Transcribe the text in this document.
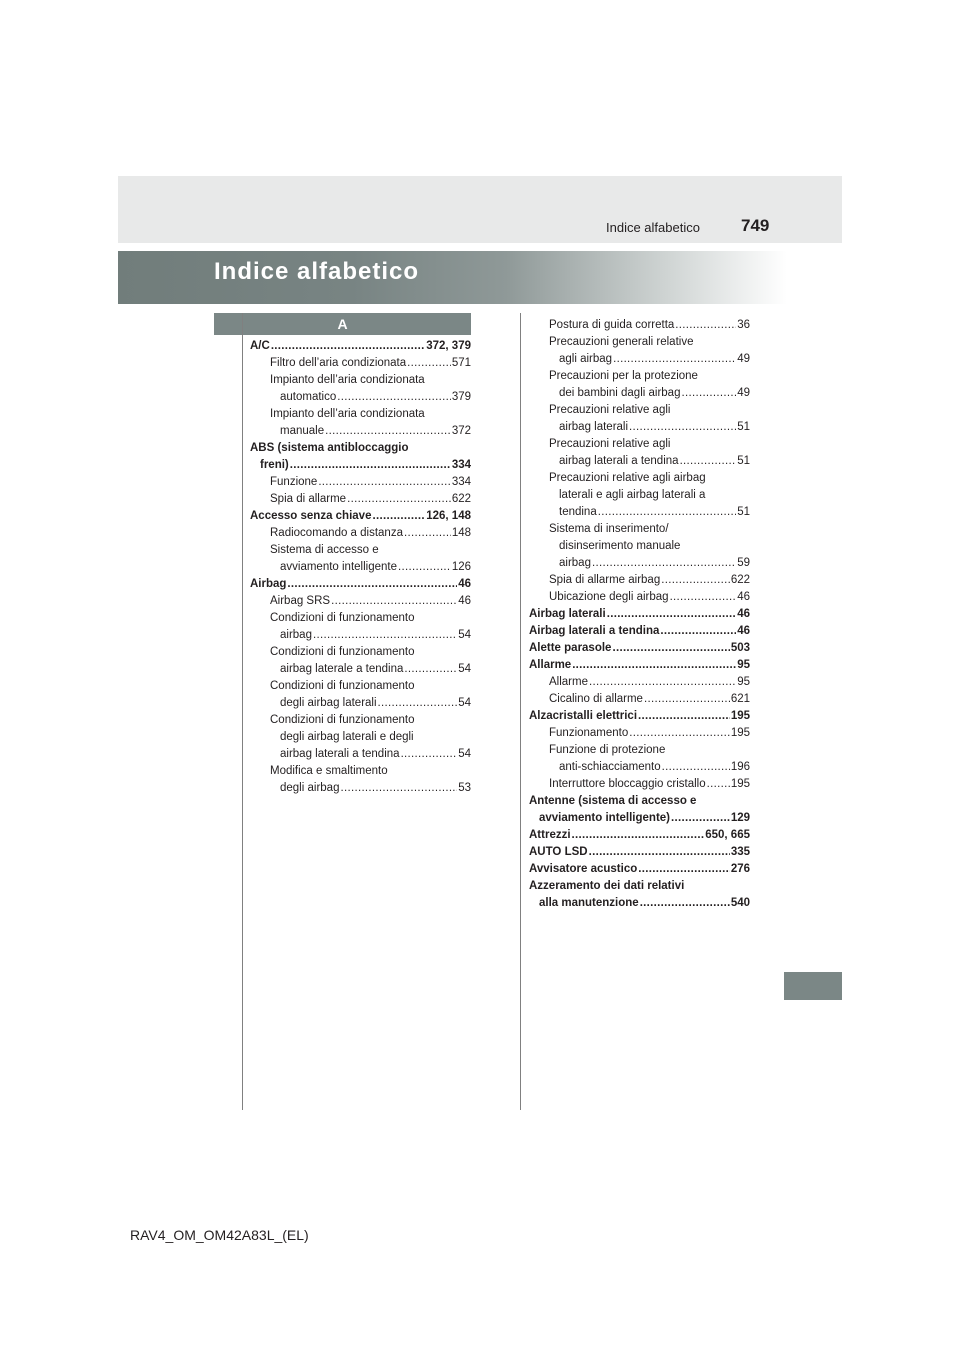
Indice alfabetico 749
Indice alfabetico
A
A/C .....	372, 379
Filtro dell’aria condizionata .....	571
Impianto dell’aria condizionata
automatico .....	379
Impianto dell’aria condizionata
manuale .....	372
ABS (sistema antibloccaggio
freni) .....	334
Funzione .....	334
Spia di allarme .....	622
Accesso senza chiave .....	126, 148
Radiocomando a distanza .....	148
Sistema di accesso e
avviamento intelligente .....	126
Airbag .....	46
Airbag SRS .....	46
Condizioni di funzionamento
airbag .....	54
Condizioni di funzionamento
airbag laterale a tendina .....	54
Condizioni di funzionamento
degli airbag laterali .....	54
Condizioni di funzionamento
degli airbag laterali e degli
airbag laterali a tendina .....	54
Modifica e smaltimento
degli airbag .....	53
Postura di guida corretta .....	36
Precauzioni generali relative
agli airbag .....	49
Precauzioni per la protezione
dei bambini dagli airbag .....	49
Precauzioni relative agli
airbag laterali .....	51
Precauzioni relative agli
airbag laterali a tendina .....	51
Precauzioni relative agli airbag
laterali e agli airbag laterali a
tendina .....	51
Sistema di inserimento/
disinserimento manuale
airbag .....	59
Spia di allarme airbag .....	622
Ubicazione degli airbag .....	46
Airbag laterali .....	46
Airbag laterali a tendina .....	46
Alette parasole .....	503
Allarme .....	95
Allarme .....	95
Cicalino di allarme .....	621
Alzacristalli elettrici .....	195
Funzionamento .....	195
Funzione di protezione
anti-schiacciamento .....	196
Interruttore bloccaggio cristallo ..... 195
Antenne (sistema di accesso e
avviamento intelligente) .....	129
Attrezzi .....	650, 665
AUTO LSD .....	335
Avvisatore acustico .....	276
Azzeramento dei dati relativi
alla manutenzione .....	540
RAV4_OM_OM42A83L_(EL)
